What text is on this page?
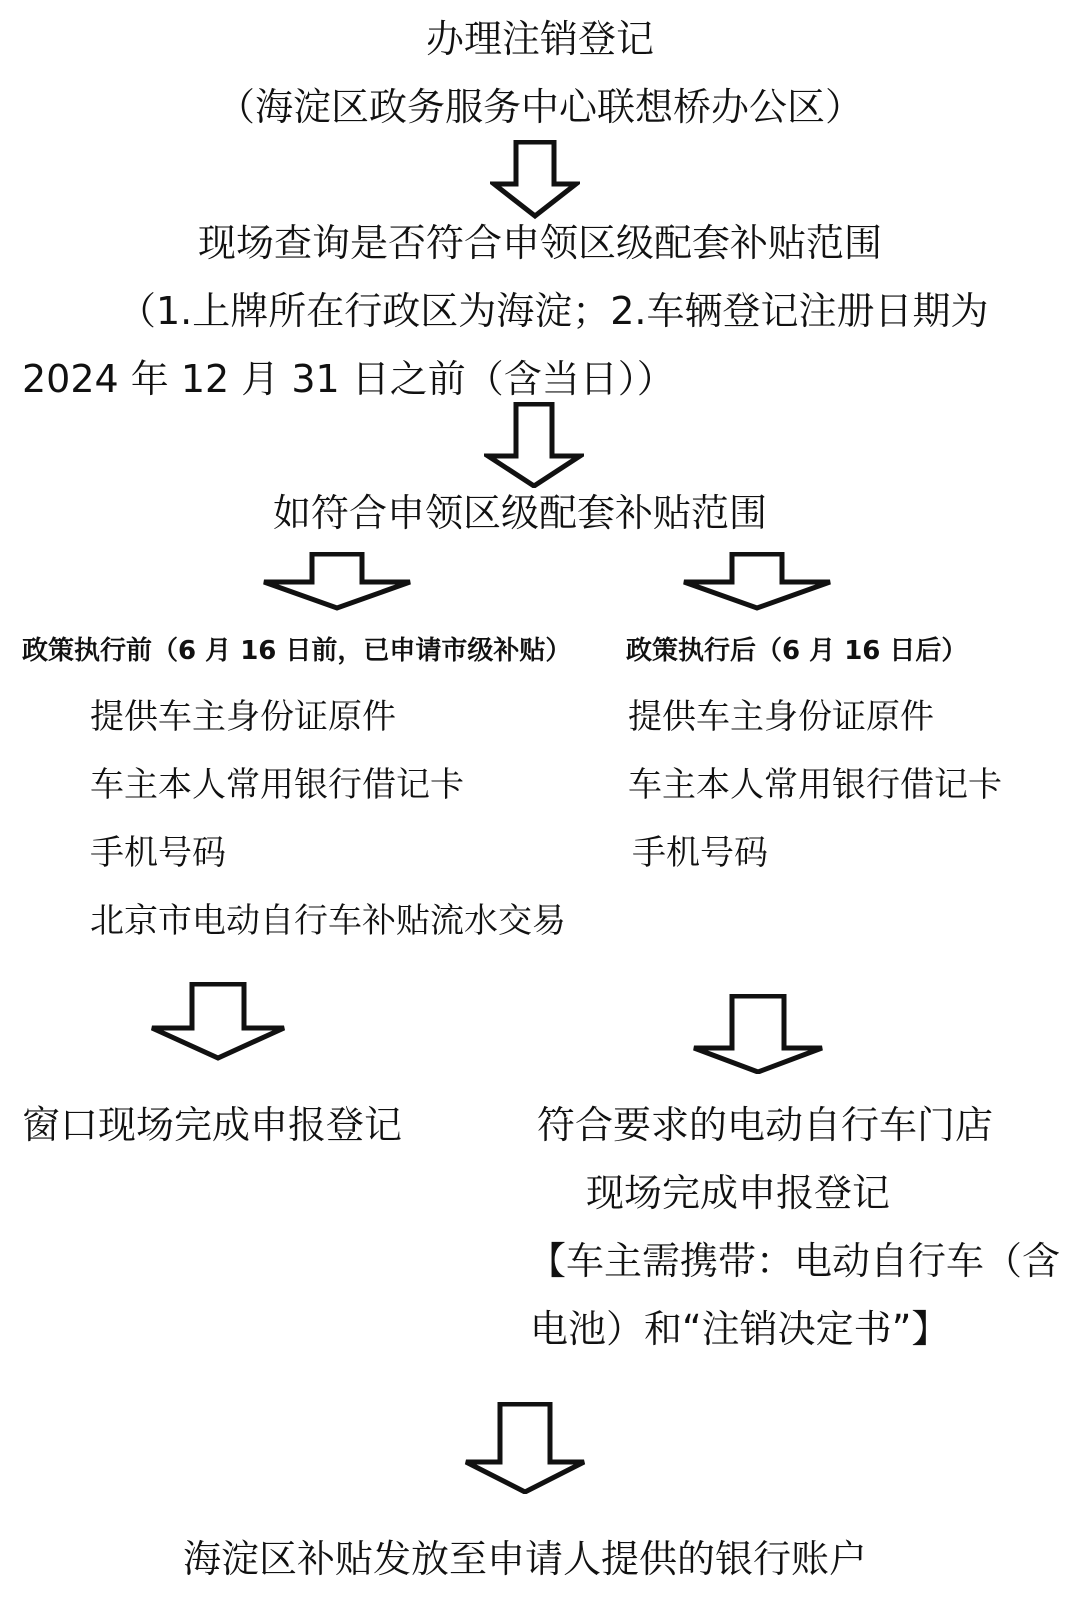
办理注销登记
（海淀区政务服务中心联想桥办公区）
现场查询是否符合申领区级配套补贴范围
（1.上牌所在行政区为海淀；2.车辆登记注册日期为
2024 年 12 月 31 日之前（含当日））
如符合申领区级配套补贴范围
政策执行前（6 月 16 日前，已申请市级补贴）
提供车主身份证原件
车主本人常用银行借记卡
手机号码
北京市电动自行车补贴流水交易
政策执行后（6 月 16 日后）
提供车主身份证原件
车主本人常用银行借记卡
手机号码
窗口现场完成申报登记	符合要求的电动自行车门店
现场完成申报登记
【车主需携带：电动自行车（含
电池）和“注销决定书”】
海淀区补贴发放至申请人提供的银行账户
